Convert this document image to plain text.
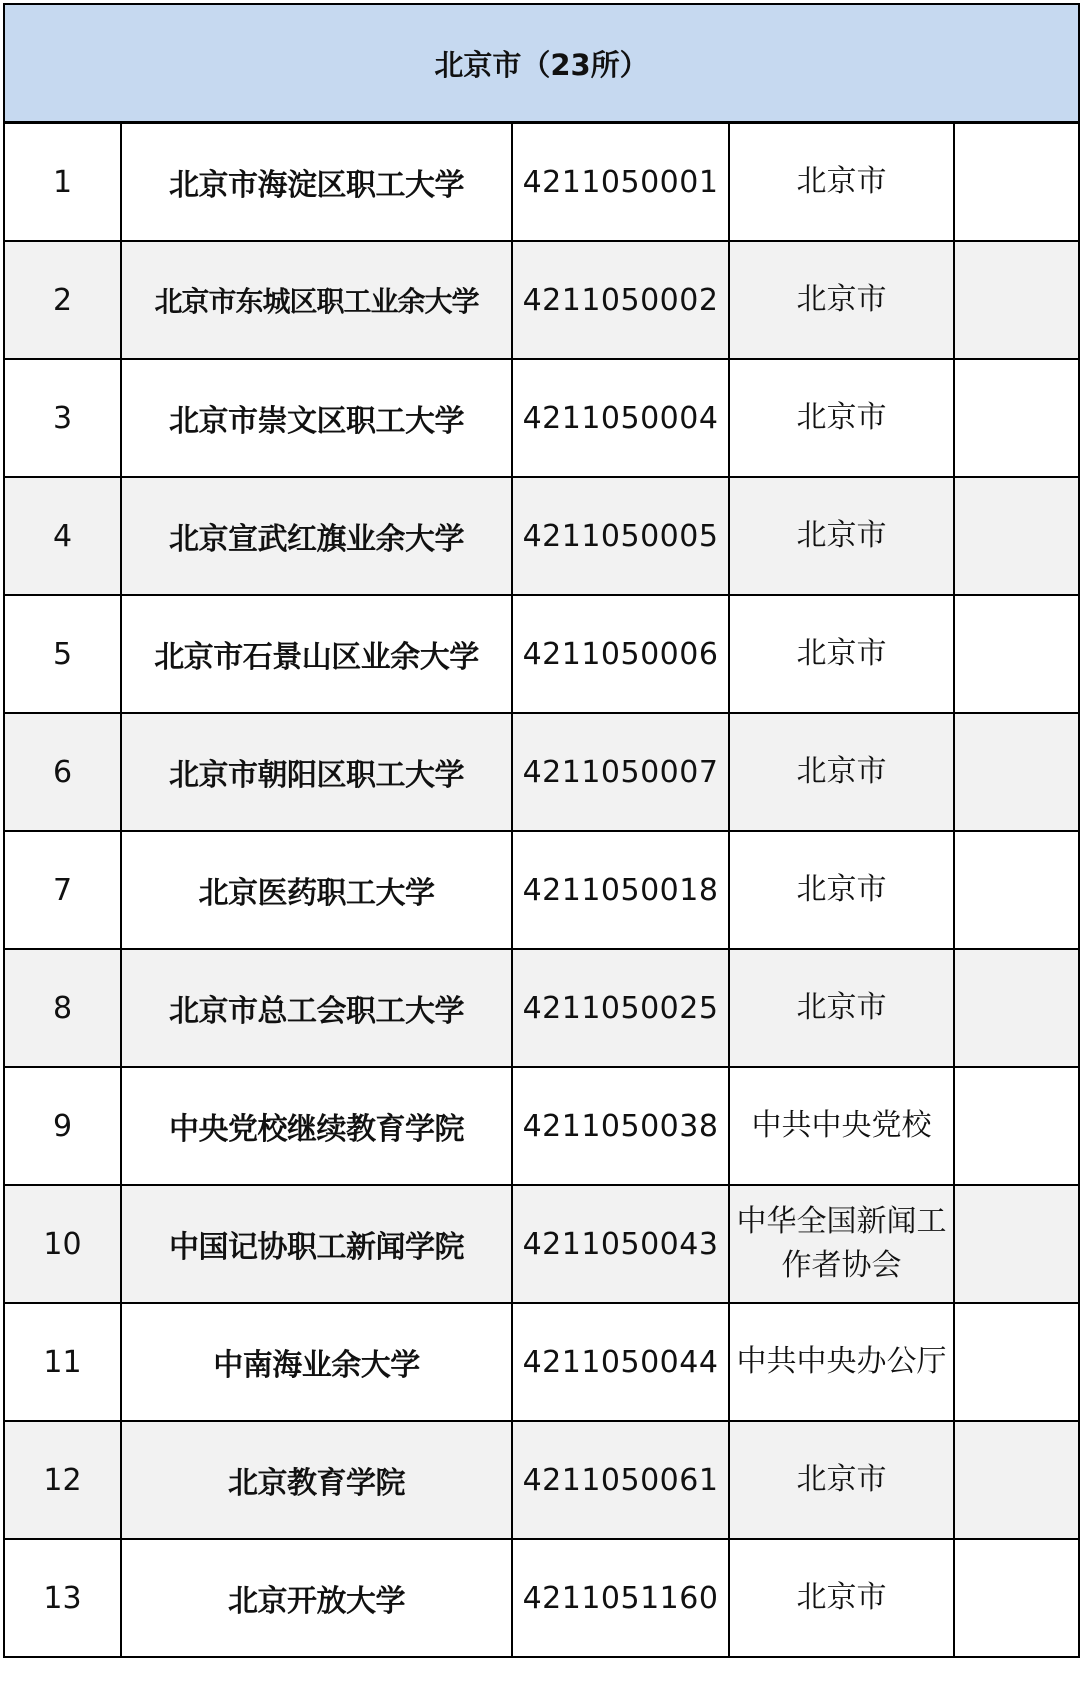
北京市（23所）				
1	北京市海淀区职工大学	4211050001	北京市	
2	北京市东城区职工业余大学	4211050002	北京市	
3	北京市崇文区职工大学	4211050004	北京市	
4	北京宣武红旗业余大学	4211050005	北京市	
5	北京市石景山区业余大学	4211050006	北京市	
6	北京市朝阳区职工大学	4211050007	北京市	
7	北京医药职工大学	4211050018	北京市	
8	北京市总工会职工大学	4211050025	北京市	
9	中央党校继续教育学院	4211050038	中共中央党校	
10	中国记协职工新闻学院	4211050043	中华全国新闻工作者协会	
11	中南海业余大学	4211050044	中共中央办公厅	
12	北京教育学院	4211050061	北京市	
13	北京开放大学	4211051160	北京市	
